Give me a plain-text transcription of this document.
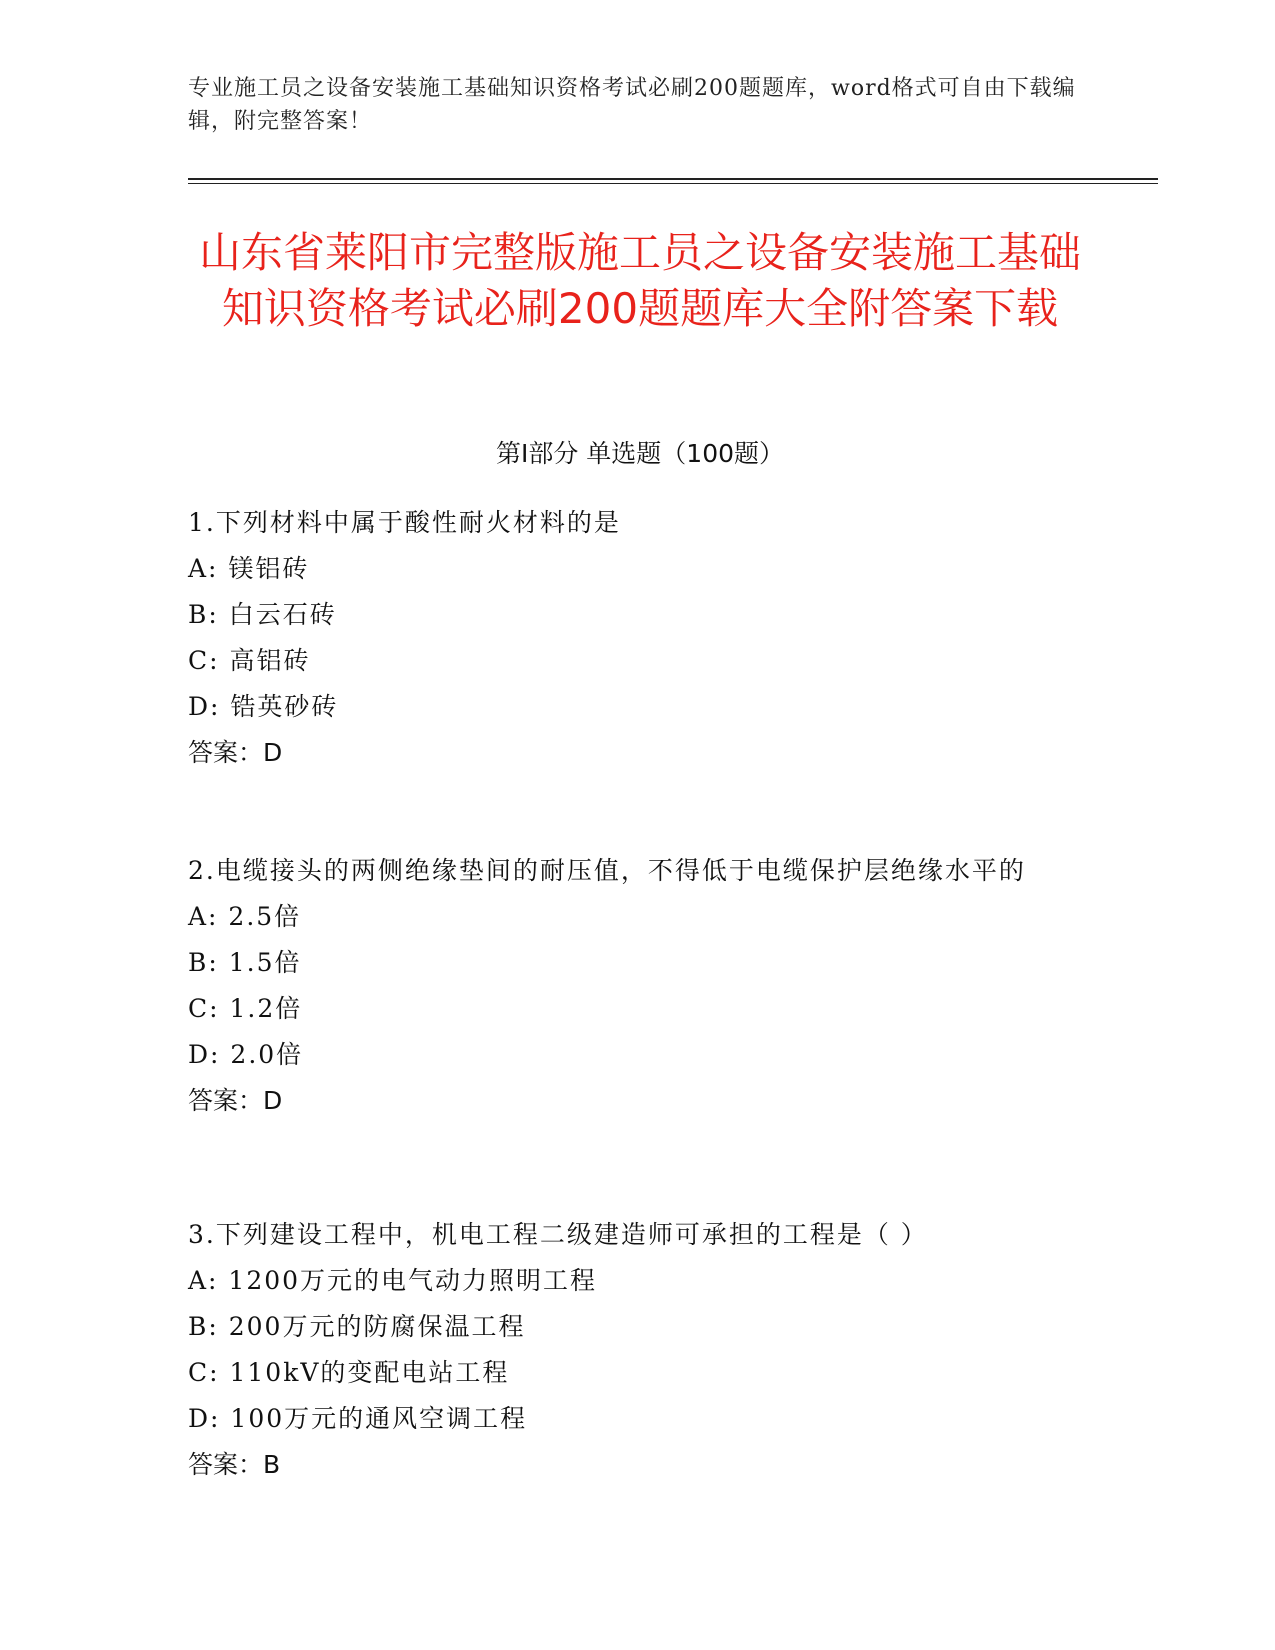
专业施工员之设备安装施工基础知识资格考试必刷200题题库，word格式可自由下载编辑，附完整答案！
山东省莱阳市完整版施工员之设备安装施工基础知识资格考试必刷200题题库大全附答案下载
第Ⅰ部分 单选题（100题）

1.下列材料中属于酸性耐火材料的是

A: 镁铝砖

B: 白云石砖

C: 高铝砖

D: 锆英砂砖

答案：D

2.电缆接头的两侧绝缘垫间的耐压值，不得低于电缆保护层绝缘水平的

A: 2.5倍

B: 1.5倍

C: 1.2倍

D: 2.0倍

答案：D

3.下列建设工程中，机电工程二级建造师可承担的工程是（ ）

A: 1200万元的电气动力照明工程

B: 200万元的防腐保温工程

C: 110kV的变配电站工程

D: 100万元的通风空调工程

答案：B
